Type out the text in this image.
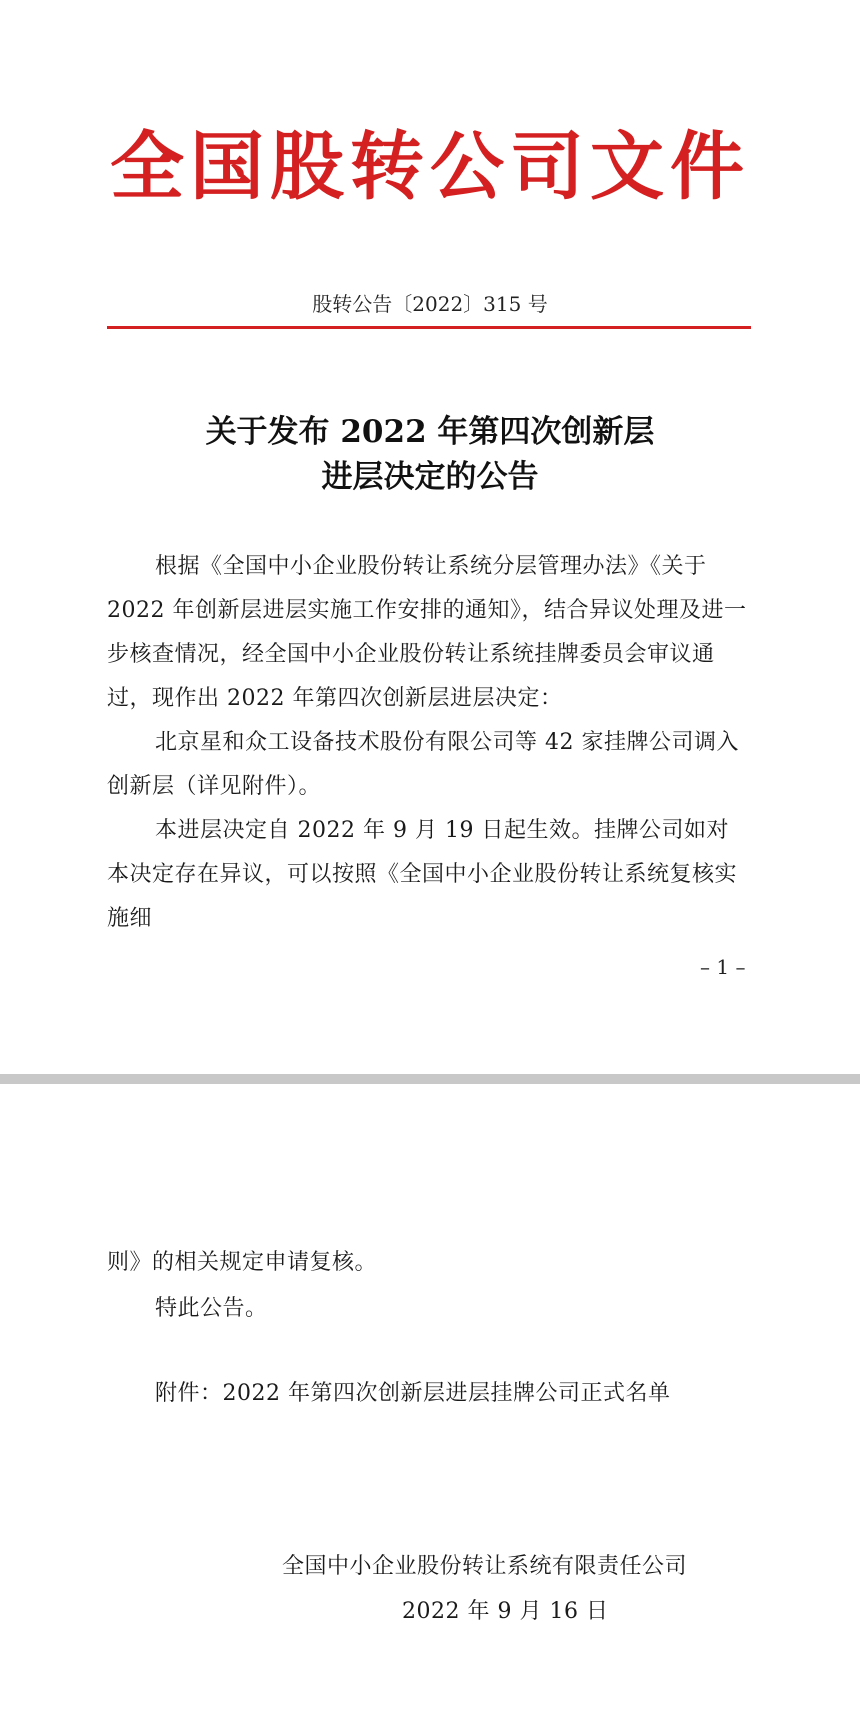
全国股转公司文件
股转公告〔2022〕315 号
关于发布 2022 年第四次创新层
进层决定的公告
根据《全国中小企业股份转让系统分层管理办法》《关于 2022 年创新层进层实施工作安排的通知》，结合异议处理及进一步核查情况，经全国中小企业股份转让系统挂牌委员会审议通过，现作出 2022 年第四次创新层进层决定：
北京星和众工设备技术股份有限公司等 42 家挂牌公司调入创新层（详见附件）。
本进层决定自 2022 年 9 月 19 日起生效。挂牌公司如对本决定存在异议，可以按照《全国中小企业股份转让系统复核实施细
– 1 –
则》的相关规定申请复核。
特此公告。
附件：2022 年第四次创新层进层挂牌公司正式名单
全国中小企业股份转让系统有限责任公司
2022 年 9 月 16 日
